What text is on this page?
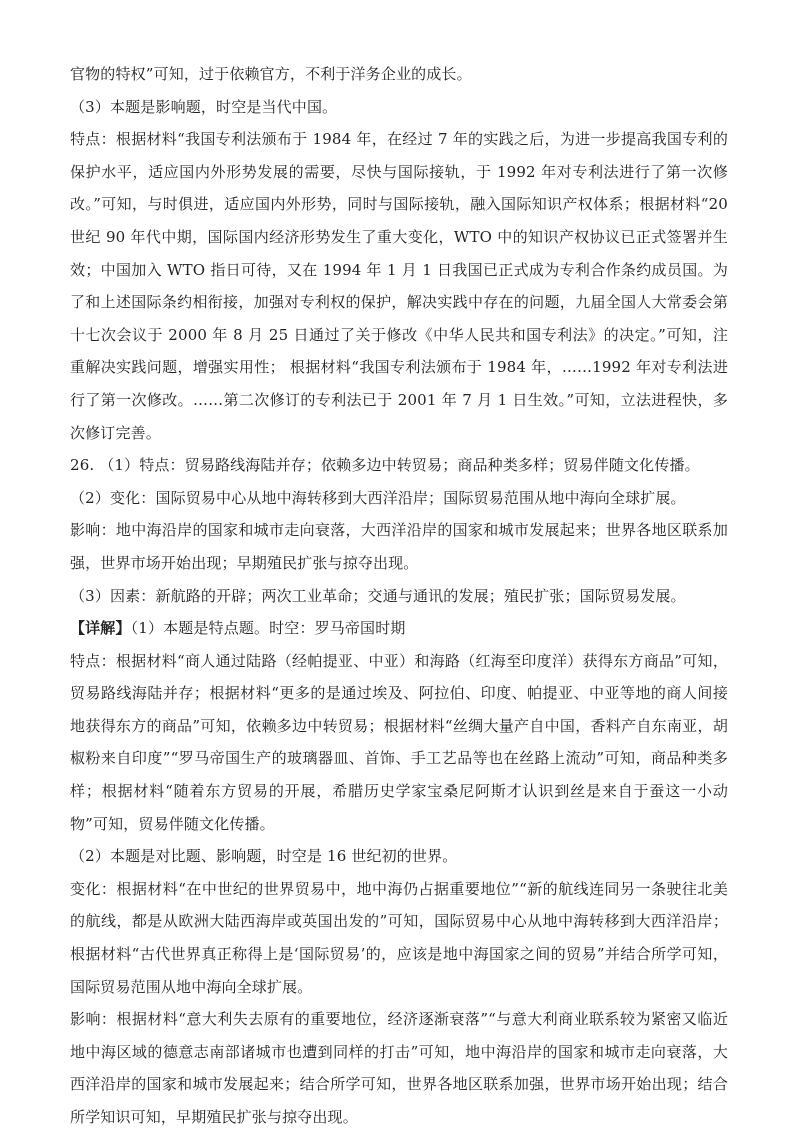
官物的特权”可知，过于依赖官方，不利于洋务企业的成长。

（3）本题是影响题，时空是当代中国。

特点：根据材料“我国专利法颁布于 1984 年，在经过 7 年的实践之后，为进一步提高我国专利的保护水平，适应国内外形势发展的需要，尽快与国际接轨，于 1992 年对专利法进行了第一次修改。”可知，与时俱进，适应国内外形势，同时与国际接轨，融入国际知识产权体系；根据材料“20 世纪 90 年代中期，国际国内经济形势发生了重大变化，WTO 中的知识产权协议已正式签署并生效；中国加入 WTO 指日可待，又在 1994 年 1 月 1 日我国已正式成为专利合作条约成员国。为了和上述国际条约相衔接，加强对专利权的保护，解决实践中存在的问题，九届全国人大常委会第十七次会议于 2000 年 8 月 25 日通过了关于修改《中华人民共和国专利法》的决定。”可知，注重解决实践问题，增强实用性； 根据材料“我国专利法颁布于 1984 年，……1992 年对专利法进行了第一次修改。……第二次修订的专利法已于 2001 年 7 月 1 日生效。”可知，立法进程快，多次修订完善。

26. （1）特点：贸易路线海陆并存；依赖多边中转贸易；商品种类多样；贸易伴随文化传播。

（2）变化：国际贸易中心从地中海转移到大西洋沿岸；国际贸易范围从地中海向全球扩展。

影响：地中海沿岸的国家和城市走向衰落，大西洋沿岸的国家和城市发展起来；世界各地区联系加强，世界市场开始出现；早期殖民扩张与掠夺出现。

（3）因素：新航路的开辟；两次工业革命；交通与通讯的发展；殖民扩张；国际贸易发展。

【详解】（1）本题是特点题。时空：罗马帝国时期

特点：根据材料“商人通过陆路（经帕提亚、中亚）和海路（红海至印度洋）获得东方商品”可知，贸易路线海陆并存；根据材料“更多的是通过埃及、阿拉伯、印度、帕提亚、中亚等地的商人间接地获得东方的商品”可知，依赖多边中转贸易；根据材料“丝绸大量产自中国，香料产自东南亚，胡椒粉来自印度”“罗马帝国生产的玻璃器皿、首饰、手工艺品等也在丝路上流动”可知，商品种类多样；根据材料“随着东方贸易的开展，希腊历史学家宝桑尼阿斯才认识到丝是来自于蚕这一小动物”可知，贸易伴随文化传播。

（2）本题是对比题、影响题，时空是 16 世纪初的世界。

变化：根据材料“在中世纪的世界贸易中，地中海仍占据重要地位”“新的航线连同另一条驶往北美的航线，都是从欧洲大陆西海岸或英国出发的”可知，国际贸易中心从地中海转移到大西洋沿岸；根据材料“古代世界真正称得上是‘国际贸易’的，应该是地中海国家之间的贸易”并结合所学可知，国际贸易范围从地中海向全球扩展。

影响：根据材料“意大利失去原有的重要地位，经济逐渐衰落”“与意大利商业联系较为紧密又临近地中海区域的德意志南部诸城市也遭到同样的打击”可知，地中海沿岸的国家和城市走向衰落，大西洋沿岸的国家和城市发展起来；结合所学可知，世界各地区联系加强，世界市场开始出现；结合所学知识可知，早期殖民扩张与掠夺出现。
